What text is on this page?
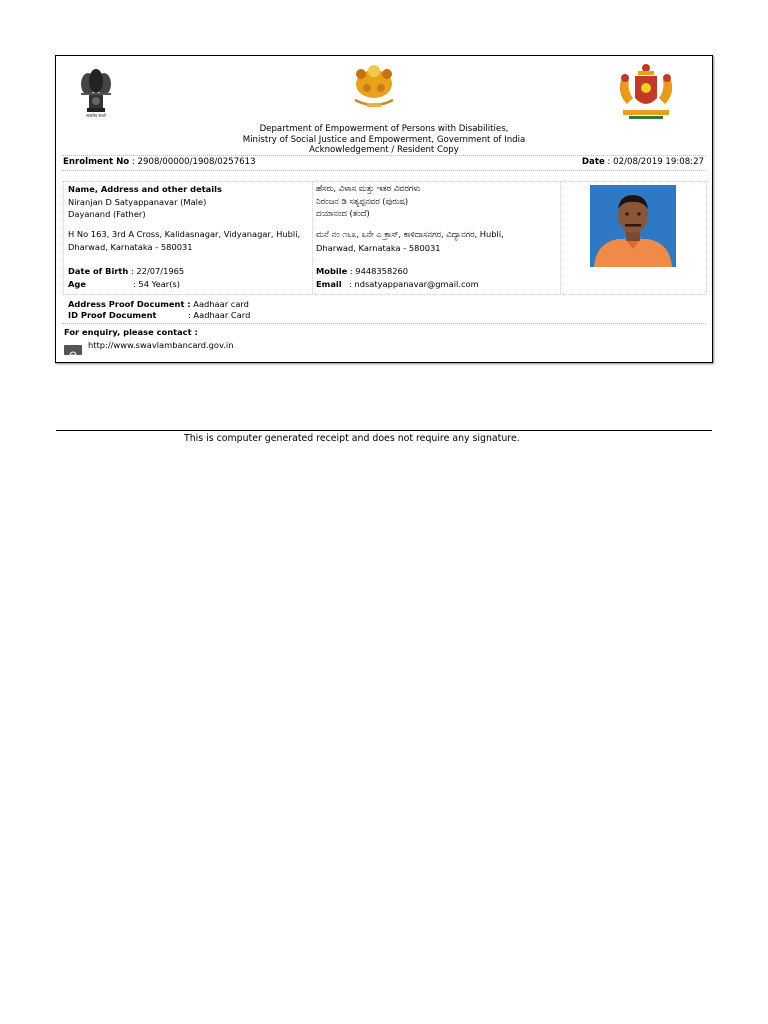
सत्यमेव जयते
Department of Empowerment of Persons with Disabilities,
Ministry of Social Justice and Empowerment, Government of India
Acknowledgement / Resident Copy
Enrolment No : 2908/00000/1908/0257613	Date : 02/08/2019 19:08:27
Name, Address and other details
Niranjan D Satyappanavar (Male)
Dayanand (Father)
H No 163, 3rd A Cross, Kalidasnagar, Vidyanagar, Hubli,
Dharwad, Karnataka - 580031
Date of Birth : 22/07/1965
Age	: 54 Year(s)
ಹೆಸರು, ವಿಳಾಸ ಮತ್ತು ಇತರ ವಿವರಗಳು
ನಿರಂಜನ ಡಿ ಸತ್ಯಪ್ಪನವರ (ಪುರುಷ)
ದಯಾನಂದ (ತಂದೆ)
ಮನೆ ನಂ ೧೬೩, ೩ನೇ ಎ ಕ್ರಾಸ್, ಕಾಳಿದಾಸನಗರ, ವಿದ್ಯಾನಗರ, Hubli,
Dharwad, Karnataka - 580031
Mobile : 9448358260
Email : ndsatyappanavar@gmail.com
Address Proof Document : Aadhaar card
ID Proof Document	: Aadhaar Card
For enquiry, please contact :
http://www.swavlambancard.gov.in
This is computer generated receipt and does not require any signature.
